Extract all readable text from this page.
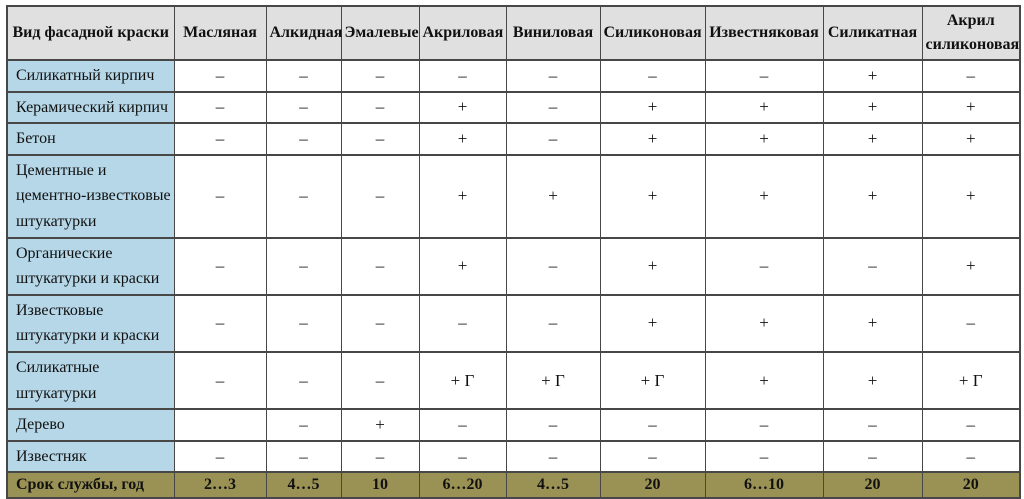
Вид фасадной краски	Масляная	Алкидная	Эмалевые	Акриловая	Виниловая	Силиконовая	Известняковая	Силикатная	Акрил силиконовая
Силикатный кирпич	–	–	–	–	–	–	–	+	–
Керамический кирпич	–	–	–	+	–	+	+	+	+
Бетон	–	–	–	+	–	+	+	+	+
Цементные и цементно-известковые штукатурки	–	–	–	+	+	+	+	+	+
Органические штукатурки и краски	–	–	–	+	–	+	–	–	+
Известковые штукатурки и краски	–	–	–	–	–	+	+	+	–
Силикатные штукатурки	–	–	–	+ Г	+ Г	+ Г	+	+	+ Г
Дерево		–	+	–	–	–	–	–	–
Известняк	–	–	–	–	–	–	–	–	–
Срок службы, год	2…3	4…5	10	6…20	4…5	20	6…10	20	20
